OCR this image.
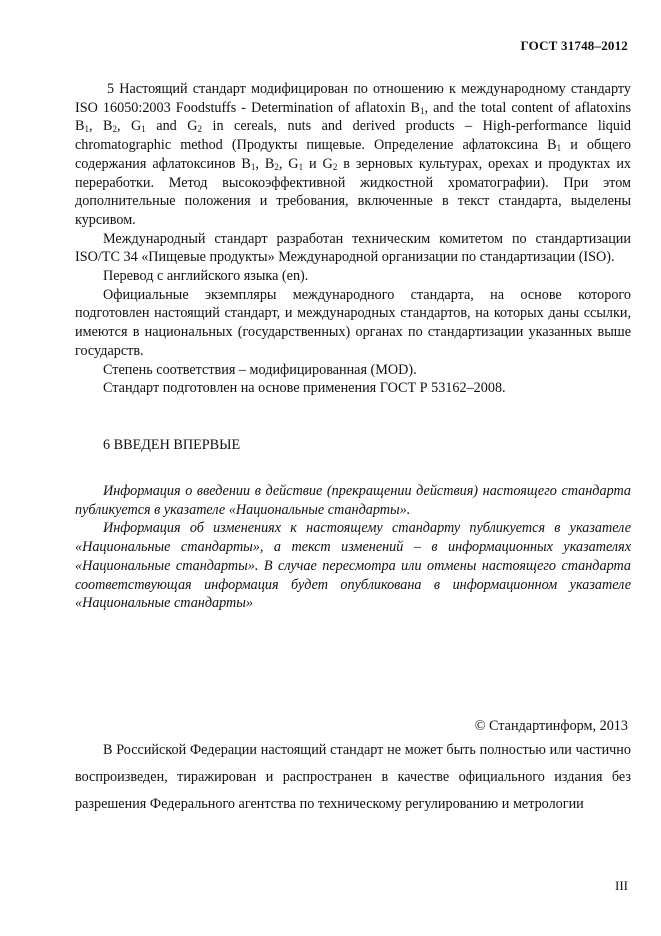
ГОСТ 31748–2012

5 Настоящий стандарт модифицирован по отношению к международному стандарту ISO 16050:2003 Foodstuffs - Determination of aflatoxin $B_1$, and the total content of aflatoxins $B_1$, $B_2$, $G_1$ and $G_2$ in cereals, nuts and derived products – High-performance liquid chromatographic method (Продукты пищевые. Определение афлатоксина $B_1$ и общего содержания афлатоксинов $B_1$, $B_2$, $G_1$ и $G_2$ в зерновых культурах, орехах и продуктах их переработки. Метод высокоэффективной жидкостной хроматографии). При этом дополнительные положения и требования, включенные в текст стандарта, выделены курсивом.

Международный стандарт разработан техническим комитетом по стандартизации ISO/TC 34 «Пищевые продукты» Международной организации по стандартизации (ISO).

Перевод с английского языка (en).

Официальные экземпляры международного стандарта, на основе которого подготовлен настоящий стандарт, и международных стандартов, на которых даны ссылки, имеются в национальных (государственных) органах по стандартизации указанных выше государств.

Степень соответствия – модифицированная (MOD).

Стандарт подготовлен на основе применения ГОСТ Р 53162–2008.

6 ВВЕДЕН ВПЕРВЫЕ

Информация о введении в действие (прекращении действия) настоящего стандарта публикуется в указателе «Национальные стандарты».

Информация об изменениях к настоящему стандарту публикуется в указателе «Национальные стандарты», а текст изменений – в информационных указателях «Национальные стандарты». В случае пересмотра или отмены настоящего стандарта соответствующая информация будет опубликована в информационном указателе «Национальные стандарты»

© Стандартинформ, 2013

В Российской Федерации настоящий стандарт не может быть полностью или частично воспроизведен, тиражирован и распространен в качестве официального издания без разрешения Федерального агентства по техническому регулированию и метрологии

III
